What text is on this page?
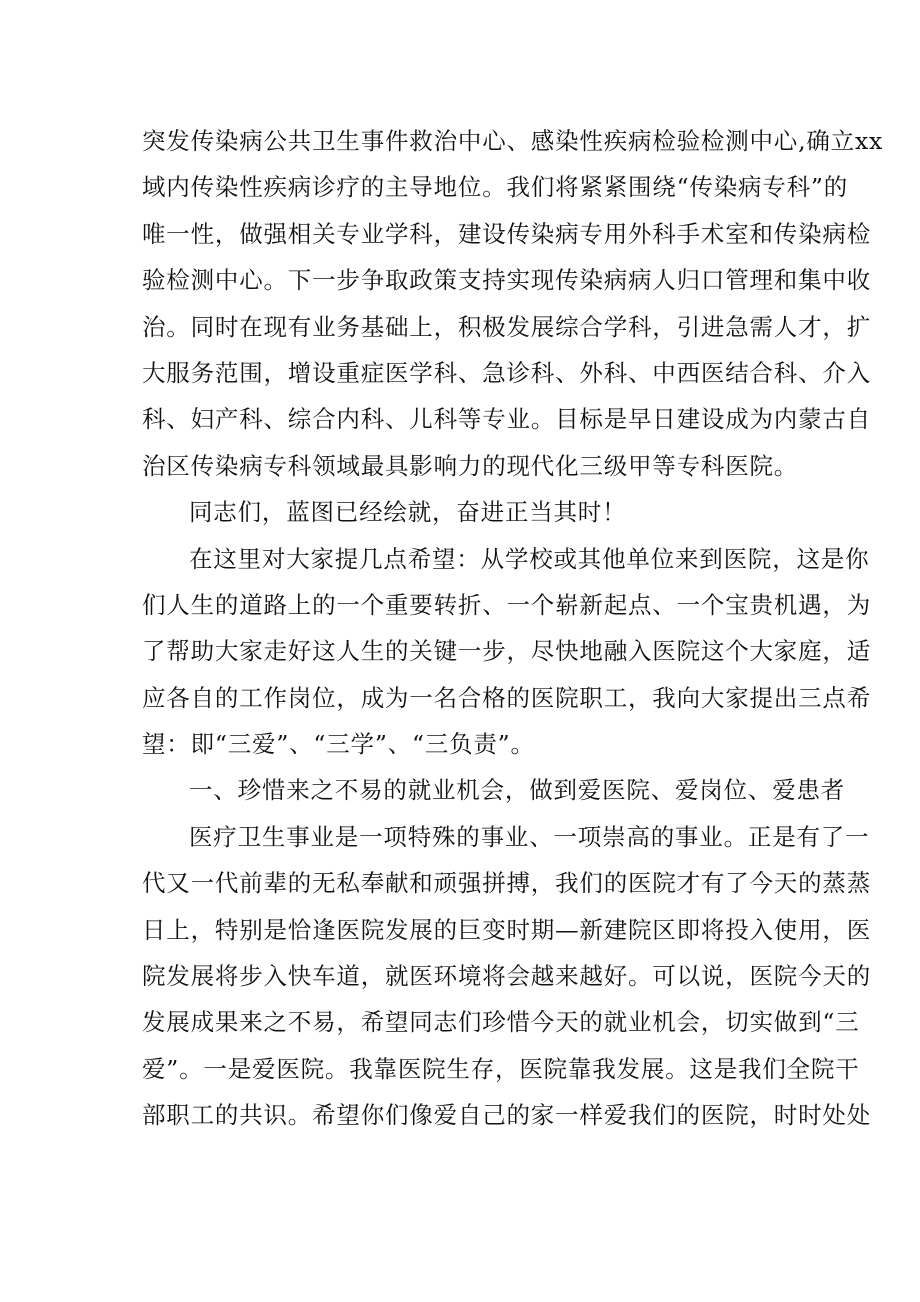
突发传染病公共卫生事件救治中心、感染性疾病检验检测中心,确立xx
域内传染性疾病诊疗的主导地位。我们将紧紧围绕“传染病专科”的
唯一性，做强相关专业学科，建设传染病专用外科手术室和传染病检
验检测中心。下一步争取政策支持实现传染病病人归口管理和集中收
治。同时在现有业务基础上，积极发展综合学科，引进急需人才，扩
大服务范围，增设重症医学科、急诊科、外科、中西医结合科、介入
科、妇产科、综合内科、儿科等专业。目标是早日建设成为内蒙古自
治区传染病专科领域最具影响力的现代化三级甲等专科医院。
同志们，蓝图已经绘就，奋进正当其时！
在这里对大家提几点希望：从学校或其他单位来到医院，这是你
们人生的道路上的一个重要转折、一个崭新起点、一个宝贵机遇，为
了帮助大家走好这人生的关键一步，尽快地融入医院这个大家庭，适
应各自的工作岗位，成为一名合格的医院职工，我向大家提出三点希
望：即“三爱”、“三学”、“三负责”。
一、珍惜来之不易的就业机会，做到爱医院、爱岗位、爱患者
医疗卫生事业是一项特殊的事业、一项崇高的事业。正是有了一
代又一代前辈的无私奉献和顽强拼搏，我们的医院才有了今天的蒸蒸
日上，特别是恰逢医院发展的巨变时期—新建院区即将投入使用，医
院发展将步入快车道，就医环境将会越来越好。可以说，医院今天的
发展成果来之不易，希望同志们珍惜今天的就业机会，切实做到“三
爱”。一是爱医院。我靠医院生存，医院靠我发展。这是我们全院干
部职工的共识。希望你们像爱自己的家一样爱我们的医院，时时处处
